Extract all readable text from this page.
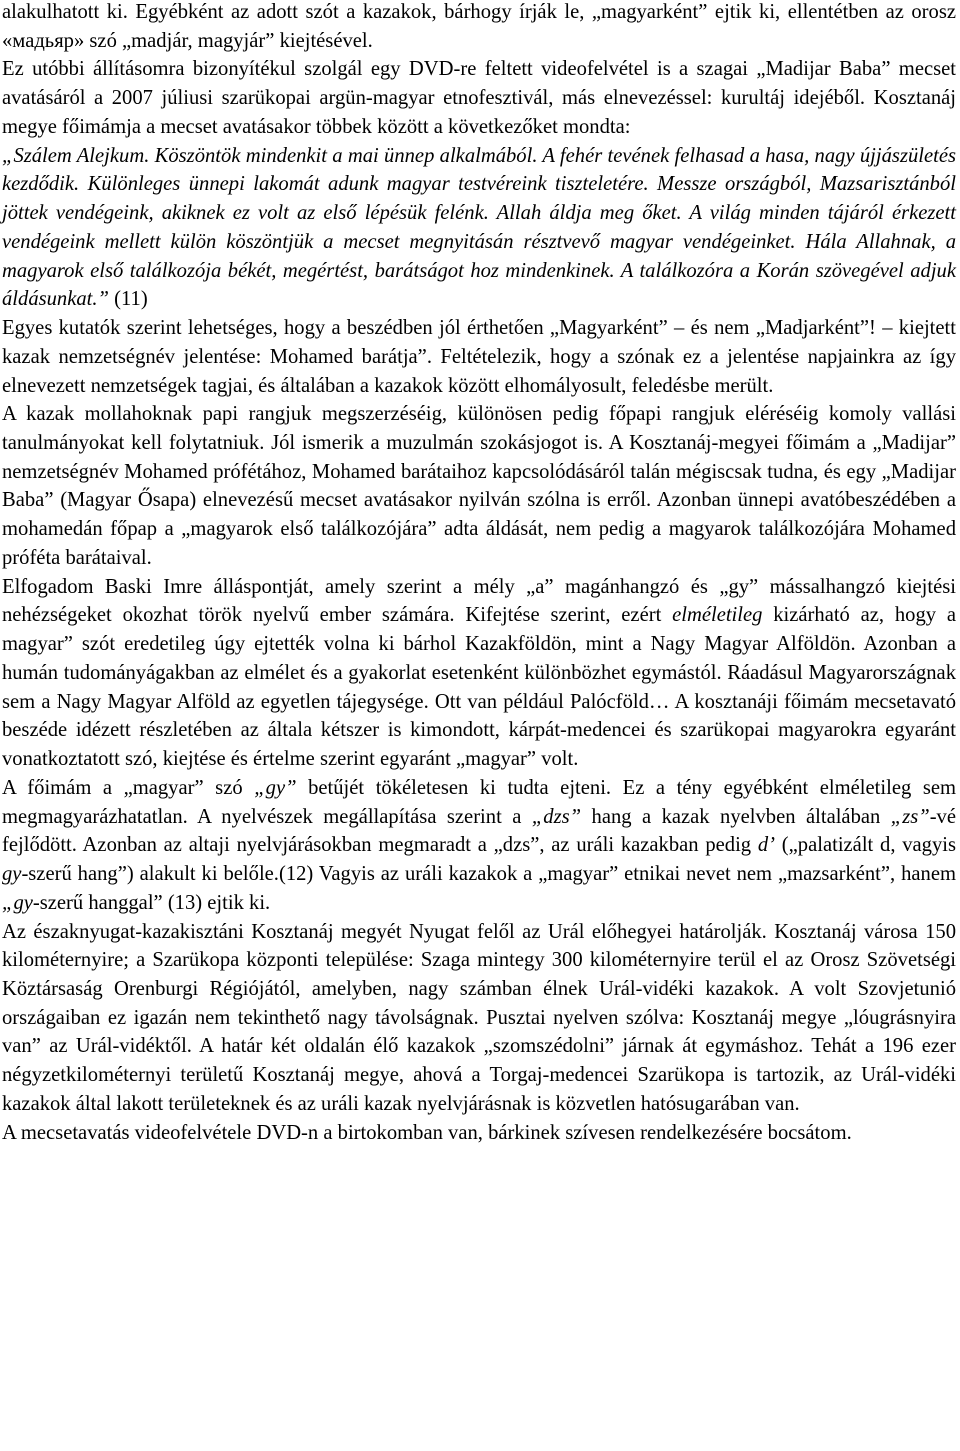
alakulhatott ki. Egyébként az adott szót a kazakok, bárhogy írják le, „magyarként” ejtik ki, ellentétben az orosz «мадьяр» szó „madjár, magyjár” kiejtésével.

Ez utóbbi állításomra bizonyítékul szolgál egy DVD-re feltett videofelvétel is a szagai „Madijar Baba” mecset avatásáról a 2007 júliusi szarükopai argün-magyar etnofesztivál, más elnevezéssel: kurultáj idejéből. Kosztanáj megye főimámja a mecset avatásakor többek között a következőket mondta:

„Szálem Alejkum. Köszöntök mindenkit a mai ünnep alkalmából. A fehér tevének felhasad a hasa, nagy újjászületés kezdődik. Különleges ünnepi lakomát adunk magyar testvéreink tiszteletére. Messze országból, Mazsarisztánból jöttek vendégeink, akiknek ez volt az első lépésük felénk. Allah áldja meg őket. A világ minden tájáról érkezett vendégeink mellett külön köszöntjük a mecset megnyitásán résztvevő magyar vendégeinket. Hála Allahnak, a magyarok első találkozója békét, megértést, barátságot hoz mindenkinek. A találkozóra a Korán szövegével adjuk áldásunkat.” (11)

Egyes kutatók szerint lehetséges, hogy a beszédben jól érthetően „Magyarként” – és nem „Madjarként”! – kiejtett kazak nemzetségnév jelentése: Mohamed barátja”. Feltételezik, hogy a szónak ez a jelentése napjainkra az így elnevezett nemzetségek tagjai, és általában a kazakok között elhomályosult, feledésbe merült.

A kazak mollahoknak papi rangjuk megszerzéséig, különösen pedig főpapi rangjuk eléréséig komoly vallási tanulmányokat kell folytatniuk. Jól ismerik a muzulmán szokásjogot is. A Kosztanáj-megyei főimám a „Madijar” nemzetségnév Mohamed prófétához, Mohamed barátaihoz kapcsolódásáról talán mégiscsak tudna, és egy „Madijar Baba” (Magyar Ősapa) elnevezésű mecset avatásakor nyilván szólna is erről. Azonban ünnepi avatóbeszédében a mohamedán főpap a „magyarok első találkozójára” adta áldását, nem pedig a magyarok találkozójára Mohamed próféta barátaival.

Elfogadom Baski Imre álláspontját, amely szerint a mély „a” magánhangzó és „gy” mássalhangzó kiejtési nehézségeket okozhat török nyelvű ember számára. Kifejtése szerint, ezért elméletileg kizárható az, hogy a magyar” szót eredetileg úgy ejtették volna ki bárhol Kazakföldön, mint a Nagy Magyar Alföldön. Azonban a humán tudományágakban az elmélet és a gyakorlat esetenként különbözhet egymástól. Ráadásul Magyarországnak sem a Nagy Magyar Alföld az egyetlen tájegysége. Ott van például Palócföld… A kosztanáji főimám mecsetavató beszéde idézett részletében az általa kétszer is kimondott, kárpát-medencei és szarükopai magyarokra egyaránt vonatkoztatott szó, kiejtése és értelme szerint egyaránt „magyar” volt.

A főimám a „magyar” szó „gy” betűjét tökéletesen ki tudta ejteni. Ez a tény egyébként elméletileg sem megmagyarázhatatlan. A nyelvészek megállapítása szerint a „dzs” hang a kazak nyelvben általában „zs”-vé fejlődött. Azonban az altaji nyelvjárásokban megmaradt a „dzs”, az uráli kazakban pedig d’ („palatizált d, vagyis gy-szerű hang”) alakult ki belőle.(12) Vagyis az uráli kazakok a „magyar” etnikai nevet nem „mazsarként”, hanem „gy-szerű hanggal” (13) ejtik ki.

Az északnyugat-kazakisztáni Kosztanáj megyét Nyugat felől az Urál előhegyei határolják. Kosztanáj városa 150 kilométernyire; a Szarükopa központi települése: Szaga mintegy 300 kilométernyire terül el az Orosz Szövetségi Köztársaság Orenburgi Régiójától, amelyben, nagy számban élnek Urál-vidéki kazakok. A volt Szovjetunió országaiban ez igazán nem tekinthető nagy távolságnak. Pusztai nyelven szólva: Kosztanáj megye „lóugrásnyira van” az Urál-vidéktől. A határ két oldalán élő kazakok „szomszédolni” járnak át egymáshoz. Tehát a 196 ezer négyzetkilométernyi területű Kosztanáj megye, ahová a Torgaj-medencei Szarükopa is tartozik, az Urál-vidéki kazakok által lakott területeknek és az uráli kazak nyelvjárásnak is közvetlen hatósugarában van.

A mecsetavatás videofelvétele DVD-n a birtokomban van, bárkinek szívesen rendelkezésére bocsátom.
